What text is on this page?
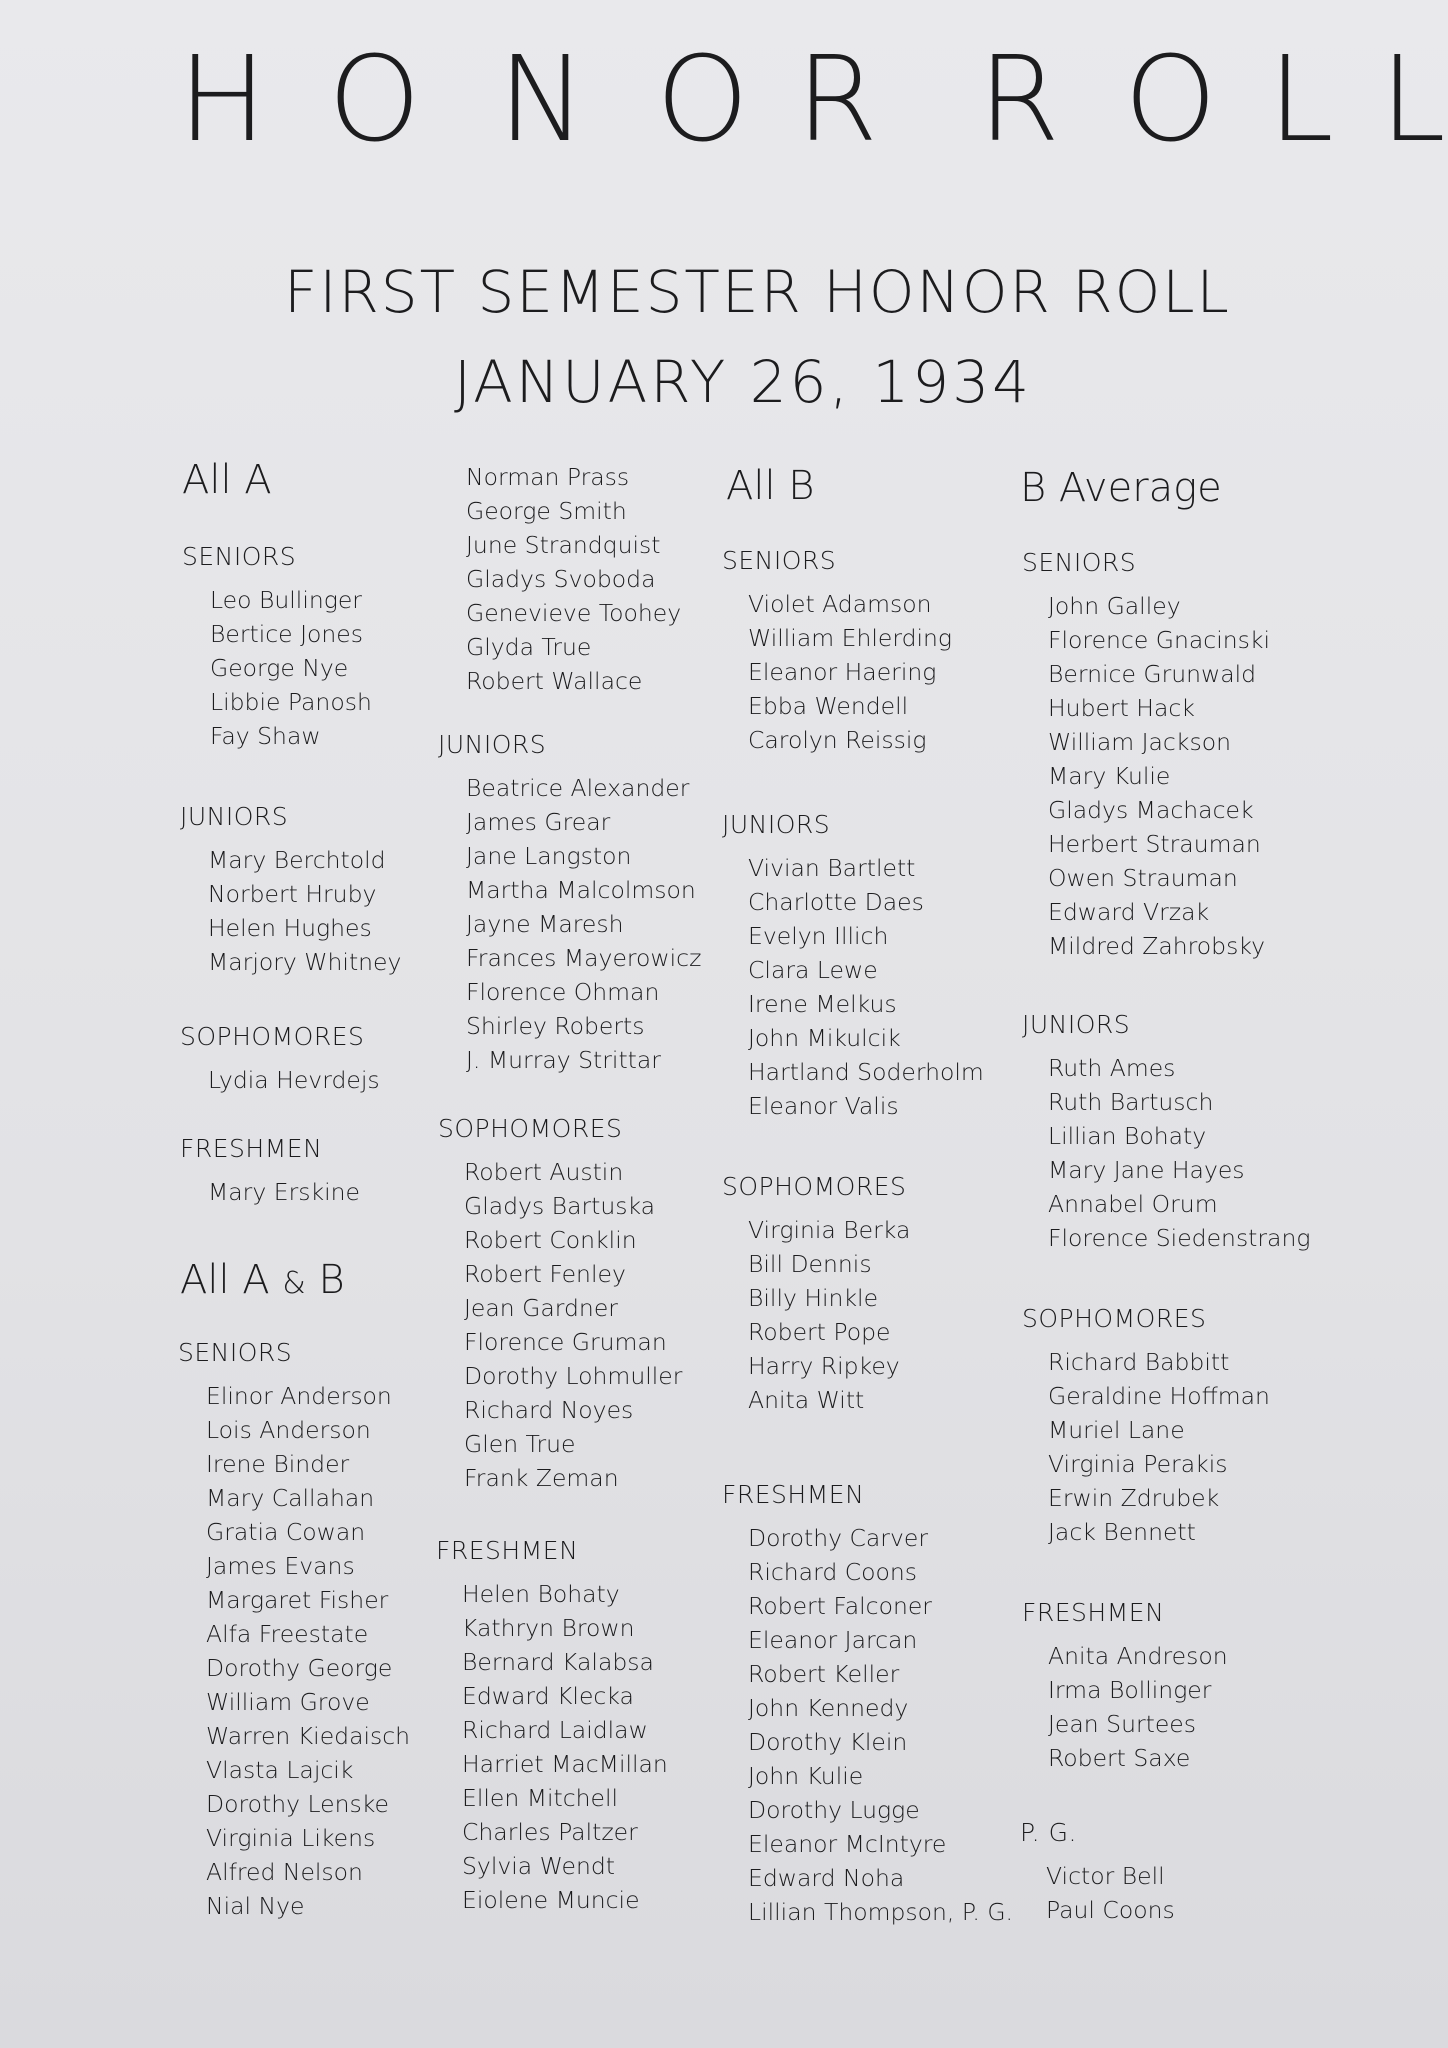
H O N O R R O L L
FIRST SEMESTER HONOR ROLL
JANUARY 26, 1934
All A
SENIORS
Leo Bullinger
Bertice Jones
George Nye
Libbie Panosh
Fay Shaw
JUNIORS
Mary Berchtold
Norbert Hruby
Helen Hughes
Marjory Whitney
SOPHOMORES
Lydia Hevrdejs
FRESHMEN
Mary Erskine
All A & B
SENIORS
Elinor Anderson
Lois Anderson
Irene Binder
Mary Callahan
Gratia Cowan
James Evans
Margaret Fisher
Alfa Freestate
Dorothy George
William Grove
Warren Kiedaisch
Vlasta Lajcik
Dorothy Lenske
Virginia Likens
Alfred Nelson
Nial Nye
Norman Prass
George Smith
June Strandquist
Gladys Svoboda
Genevieve Toohey
Glyda True
Robert Wallace
JUNIORS
Beatrice Alexander
James Grear
Jane Langston
Martha Malcolmson
Jayne Maresh
Frances Mayerowicz
Florence Ohman
Shirley Roberts
J. Murray Strittar
SOPHOMORES
Robert Austin
Gladys Bartuska
Robert Conklin
Robert Fenley
Jean Gardner
Florence Gruman
Dorothy Lohmuller
Richard Noyes
Glen True
Frank Zeman
FRESHMEN
Helen Bohaty
Kathryn Brown
Bernard Kalabsa
Edward Klecka
Richard Laidlaw
Harriet MacMillan
Ellen Mitchell
Charles Paltzer
Sylvia Wendt
Eiolene Muncie
All B
SENIORS
Violet Adamson
William Ehlerding
Eleanor Haering
Ebba Wendell
Carolyn Reissig
JUNIORS
Vivian Bartlett
Charlotte Daes
Evelyn Illich
Clara Lewe
Irene Melkus
John Mikulcik
Hartland Soderholm
Eleanor Valis
SOPHOMORES
Virginia Berka
Bill Dennis
Billy Hinkle
Robert Pope
Harry Ripkey
Anita Witt
FRESHMEN
Dorothy Carver
Richard Coons
Robert Falconer
Eleanor Jarcan
Robert Keller
John Kennedy
Dorothy Klein
John Kulie
Dorothy Lugge
Eleanor McIntyre
Edward Noha
Lillian Thompson, P. G.
B Average
SENIORS
John Galley
Florence Gnacinski
Bernice Grunwald
Hubert Hack
William Jackson
Mary Kulie
Gladys Machacek
Herbert Strauman
Owen Strauman
Edward Vrzak
Mildred Zahrobsky
JUNIORS
Ruth Ames
Ruth Bartusch
Lillian Bohaty
Mary Jane Hayes
Annabel Orum
Florence Siedenstrang
SOPHOMORES
Richard Babbitt
Geraldine Hoffman
Muriel Lane
Virginia Perakis
Erwin Zdrubek
Jack Bennett
FRESHMEN
Anita Andreson
Irma Bollinger
Jean Surtees
Robert Saxe
P. G.
Victor Bell
Paul Coons
